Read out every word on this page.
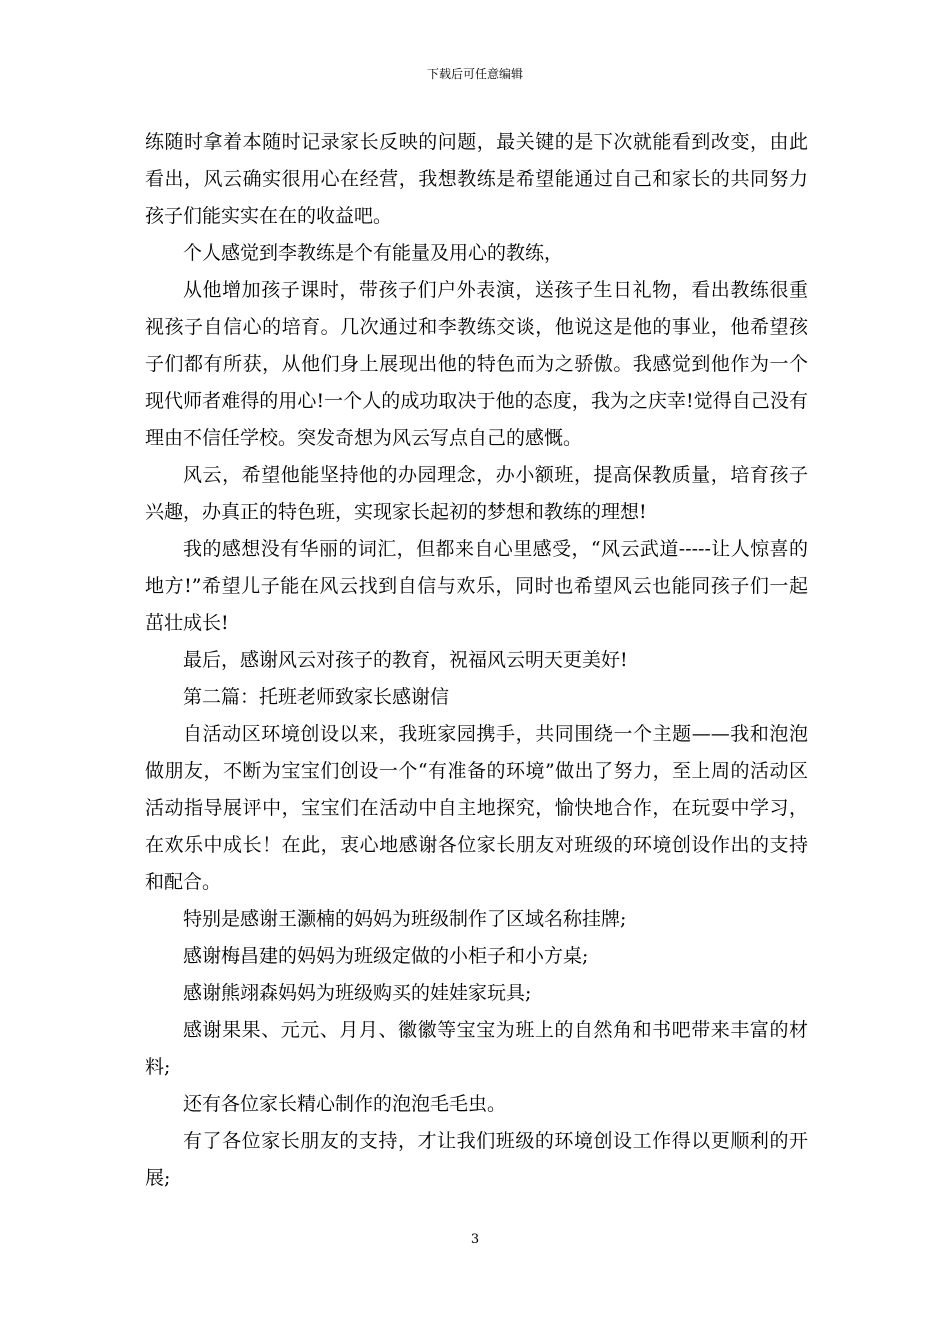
下载后可任意编辑

练随时拿着本随时记录家长反映的问题，最关键的是下次就能看到改变，由此看出，风云确实很用心在经营，我想教练是希望能通过自己和家长的共同努力孩子们能实实在在的收益吧。

个人感觉到李教练是个有能量及用心的教练，

从他增加孩子课时，带孩子们户外表演，送孩子生日礼物，看出教练很重视孩子自信心的培育。几次通过和李教练交谈，他说这是他的事业，他希望孩子们都有所获，从他们身上展现出他的特色而为之骄傲。我感觉到他作为一个现代师者难得的用心!一个人的成功取决于他的态度，我为之庆幸!觉得自己没有理由不信任学校。突发奇想为风云写点自己的感慨。

风云，希望他能坚持他的办园理念，办小额班，提高保教质量，培育孩子兴趣，办真正的特色班，实现家长起初的梦想和教练的理想!

我的感想没有华丽的词汇，但都来自心里感受，“风云武道-----让人惊喜的地方!”希望儿子能在风云找到自信与欢乐，同时也希望风云也能同孩子们一起茁壮成长!

最后，感谢风云对孩子的教育，祝福风云明天更美好!

第二篇：托班老师致家长感谢信

自活动区环境创设以来，我班家园携手，共同围绕一个主题——我和泡泡做朋友，不断为宝宝们创设一个“有准备的环境”做出了努力，至上周的活动区活动指导展评中，宝宝们在活动中自主地探究，愉快地合作，在玩耍中学习，在欢乐中成长！在此，衷心地感谢各位家长朋友对班级的环境创设作出的支持和配合。

特别是感谢王灏楠的妈妈为班级制作了区域名称挂牌;

感谢梅昌建的妈妈为班级定做的小柜子和小方桌;

感谢熊翊森妈妈为班级购买的娃娃家玩具;

感谢果果、元元、月月、徽徽等宝宝为班上的自然角和书吧带来丰富的材料;

还有各位家长精心制作的泡泡毛毛虫。

有了各位家长朋友的支持，才让我们班级的环境创设工作得以更顺利的开展;

3
